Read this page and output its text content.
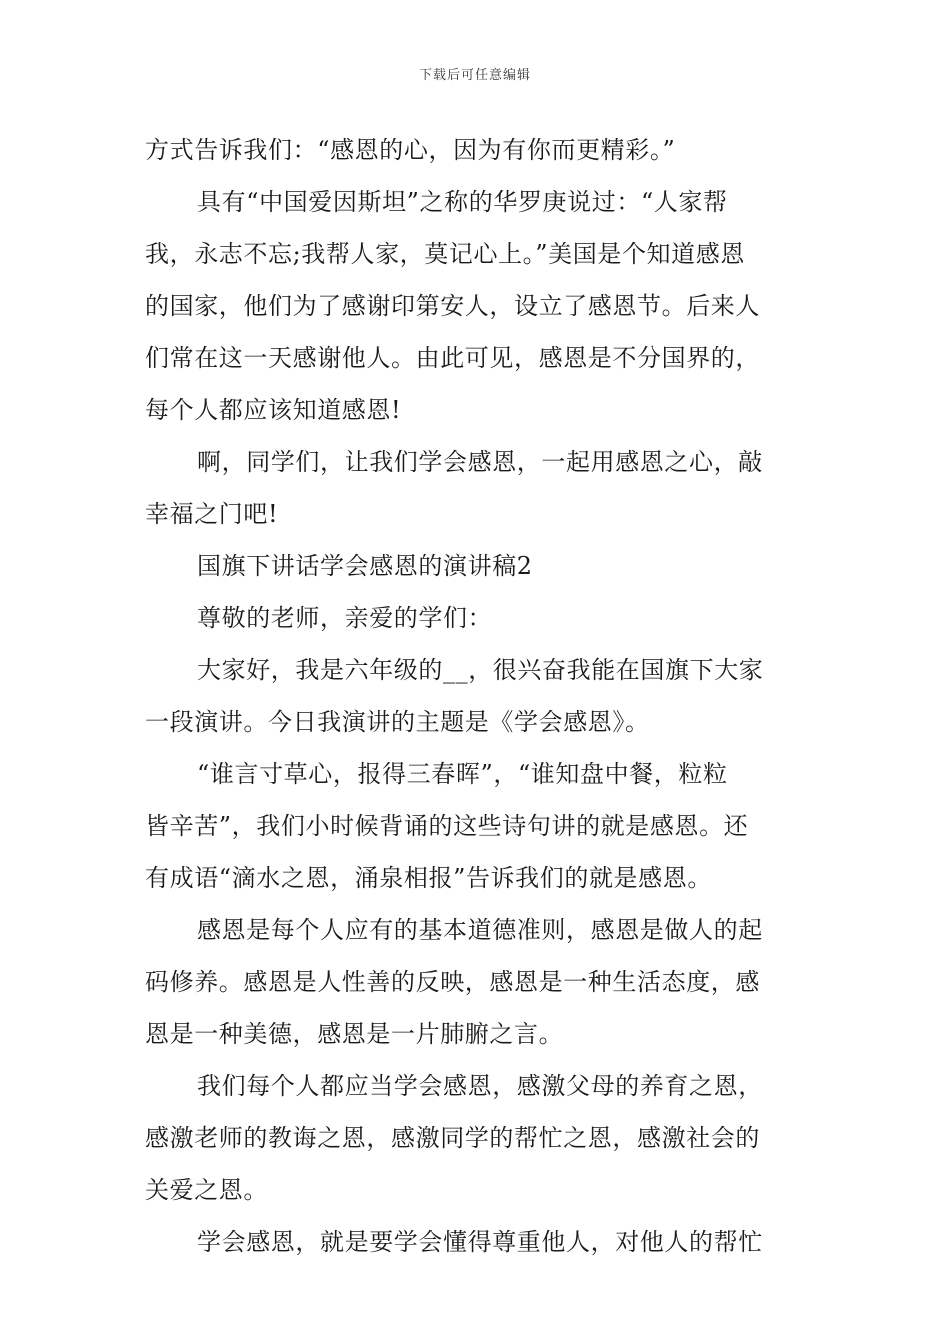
下载后可任意编辑
方式告诉我们：“感恩的心，因为有你而更精彩。”
具有“中国爱因斯坦”之称的华罗庚说过：“人家帮
我，永志不忘;我帮人家，莫记心上。”美国是个知道感恩
的国家，他们为了感谢印第安人，设立了感恩节。后来人
们常在这一天感谢他人。由此可见，感恩是不分国界的，
每个人都应该知道感恩!
啊，同学们，让我们学会感恩，一起用感恩之心，敲
幸福之门吧!
国旗下讲话学会感恩的演讲稿2
尊敬的老师，亲爱的学们：
大家好，我是六年级的__，很兴奋我能在国旗下大家
一段演讲。今日我演讲的主题是《学会感恩》。
“谁言寸草心，报得三春晖”，“谁知盘中餐，粒粒
皆辛苦”，我们小时候背诵的这些诗句讲的就是感恩。还
有成语“滴水之恩，涌泉相报”告诉我们的就是感恩。
感恩是每个人应有的基本道德准则，感恩是做人的起
码修养。感恩是人性善的反映，感恩是一种生活态度，感
恩是一种美德，感恩是一片肺腑之言。
我们每个人都应当学会感恩，感激父母的养育之恩，
感激老师的教诲之恩，感激同学的帮忙之恩，感激社会的
关爱之恩。
学会感恩，就是要学会懂得尊重他人，对他人的帮忙
